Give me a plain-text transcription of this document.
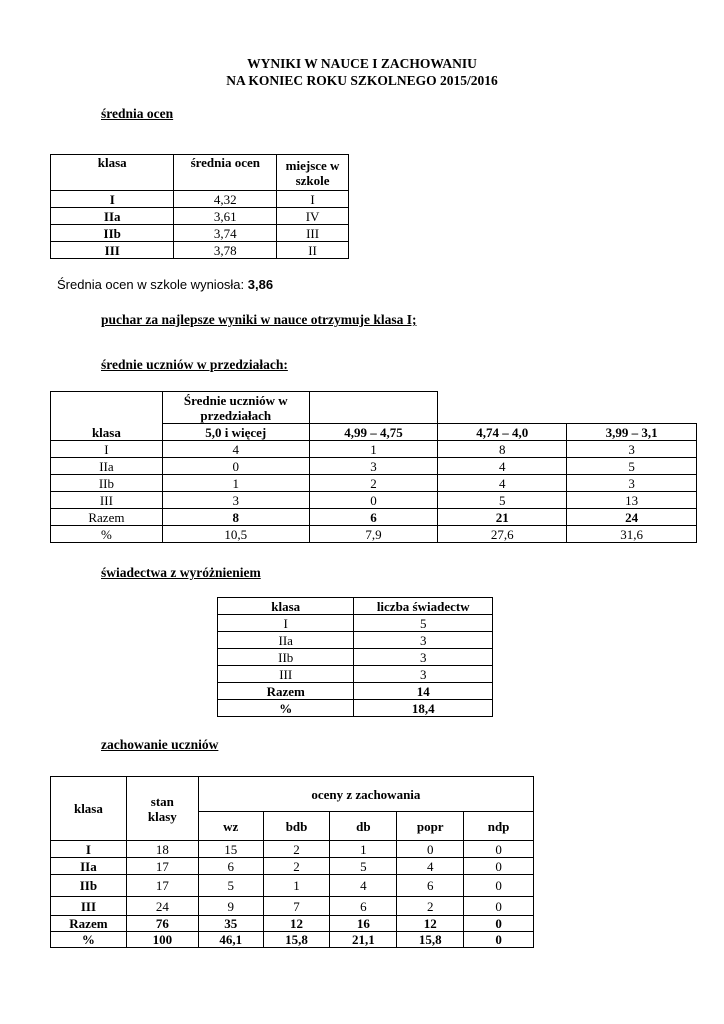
WYNIKI W NAUCE I ZACHOWANIU
NA KONIEC ROKU SZKOLNEGO 2015/2016
średnia ocen
klasa	średnia ocen	miejsce w szkole
I	4,32	I
IIa	3,61	IV
IIb	3,74	III
III	3,78	II
Średnia ocen w szkole wyniosła: 3,86
puchar za najlepsze wyniki w nauce otrzymuje klasa I;
średnie uczniów w przedziałach:
klasa	Średnie uczniów w przedziałach			
	5,0 i więcej	4,99 – 4,75	4,74 – 4,0	3,99 – 3,1
I	4	1	8	3
IIa	0	3	4	5
IIb	1	2	4	3
III	3	0	5	13
Razem	8	6	21	24
%	10,5	7,9	27,6	31,6
świadectwa z wyróżnieniem
klasa	liczba świadectw
I	5
IIa	3
IIb	3
III	3
Razem	14
%	18,4
zachowanie uczniów
klasa	stan klasy	oceny z zachowania				
		wz	bdb	db	popr	ndp
I	18	15	2	1	0	0
IIa	17	6	2	5	4	0
IIb	17	5	1	4	6	0
III	24	9	7	6	2	0
Razem	76	35	12	16	12	0
%	100	46,1	15,8	21,1	15,8	0
